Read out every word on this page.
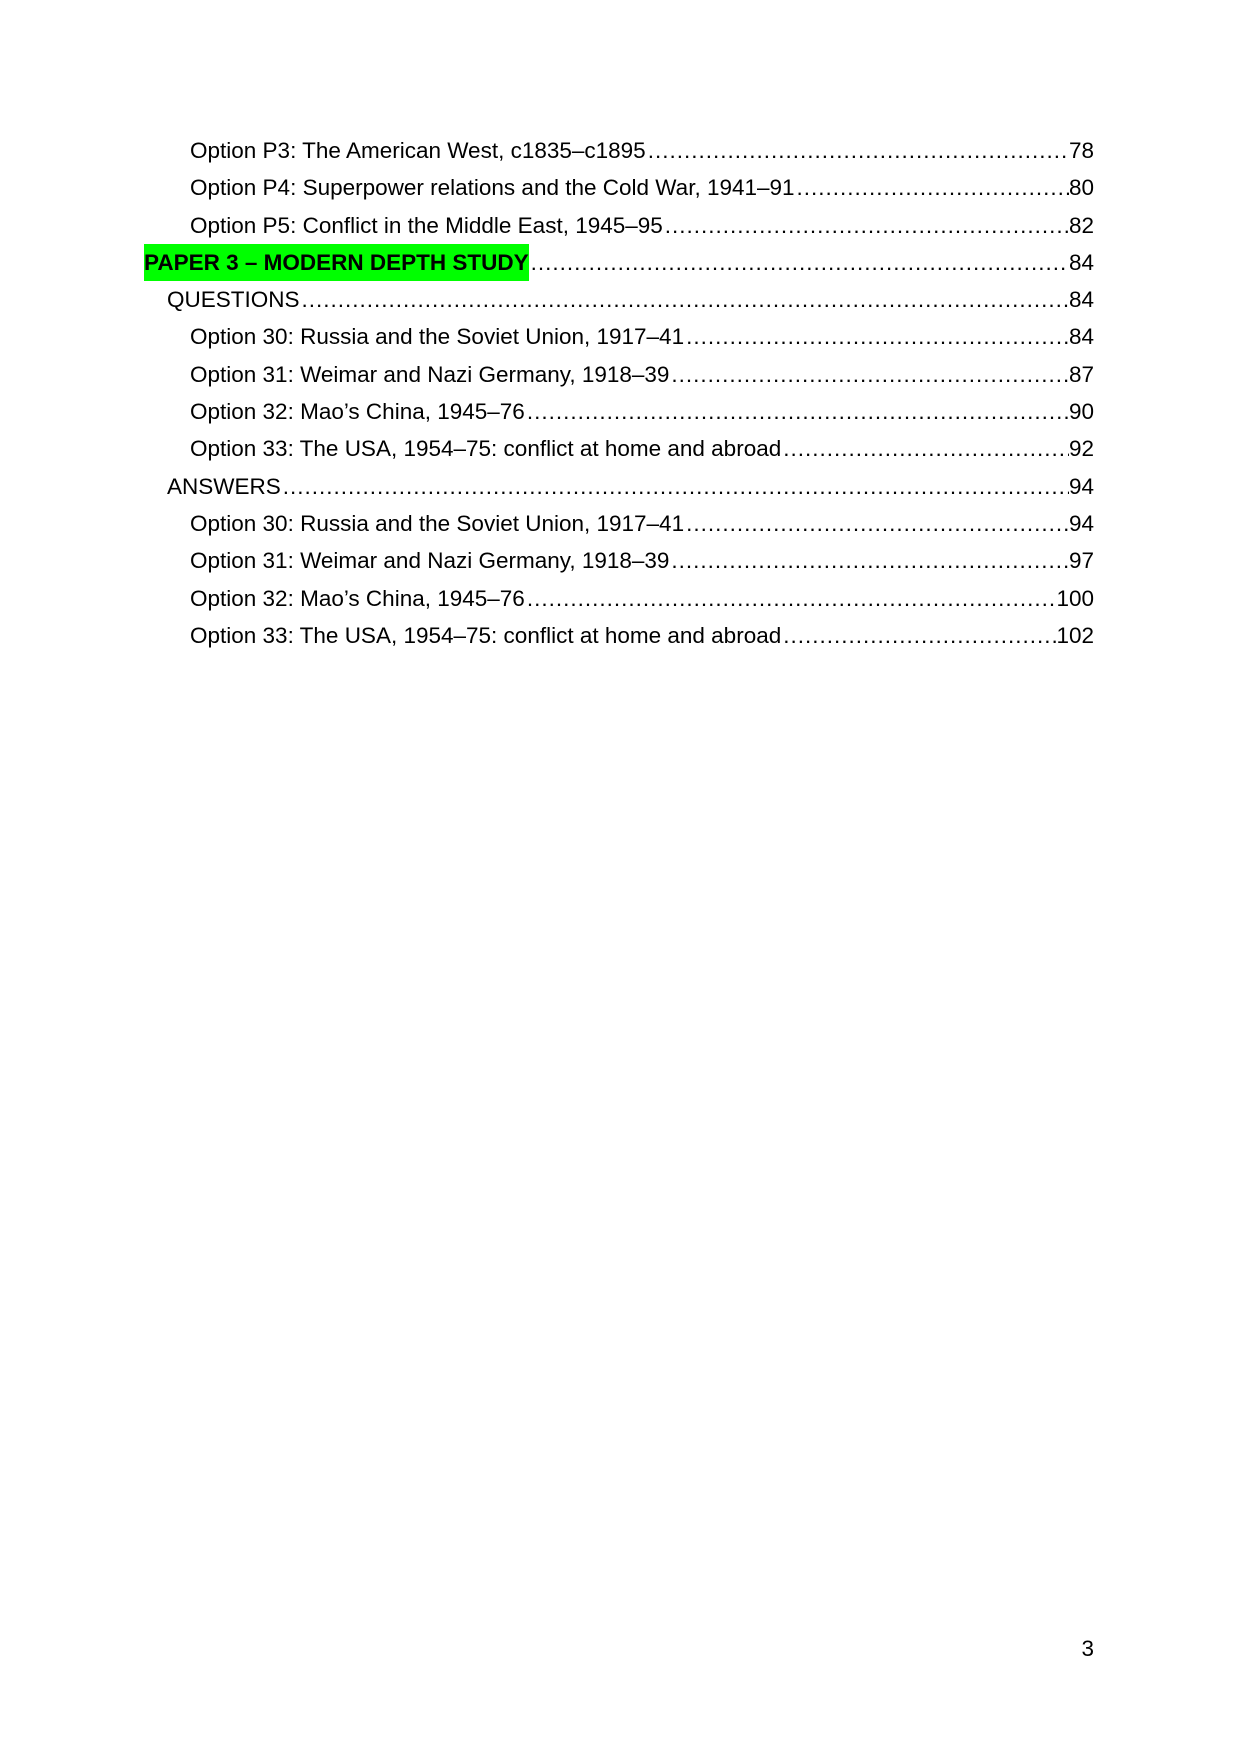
Option P3: The American West, c1835–c1895 .....	78
Option P4: Superpower relations and the Cold War, 1941–91 .....	80
Option P5: Conflict in the Middle East, 1945–95 .....	82
PAPER 3 – MODERN DEPTH STUDY .....	84
QUESTIONS .....	84
Option 30: Russia and the Soviet Union, 1917–41 .....	84
Option 31: Weimar and Nazi Germany, 1918–39 .....	87
Option 32: Mao’s China, 1945–76 .....	90
Option 33: The USA, 1954–75: conflict at home and abroad .....	92
ANSWERS .....	94
Option 30: Russia and the Soviet Union, 1917–41 .....	94
Option 31: Weimar and Nazi Germany, 1918–39 .....	97
Option 32: Mao’s China, 1945–76 .....	100
Option 33: The USA, 1954–75: conflict at home and abroad .....	102
3
